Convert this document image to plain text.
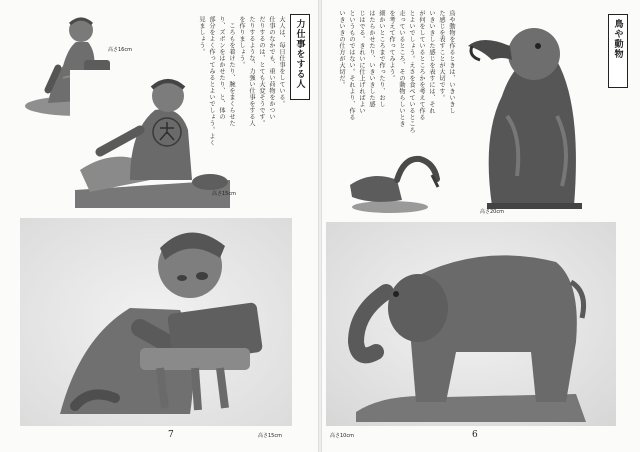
高さ16cm
高さ15cm
力仕事をする人

大人は、毎日仕事をしている。

仕事のなかでも、重い荷物をかつい

だりするのは、とても大変そうです。

たりするような、力強い仕事をする人

を作りましょう。

　ころもを着けたり、腕をまくらせた

り、ズボンをはかせたり、と、体の

部分をよく作ってみるとよいでしょう。よく

見ましょう。

高さ15cm
7

鳥や動物を作るときは、いきいきし

た感じを表すことが大切です。

いきいきした感じを表すには、それ

が何をしているところかを考えて作る

とよいでしょう。えさを食べているところ

走っているところ、その動物らしいとき

を考えて作ってみよう。

細かいところまで作ったり、おし

はたらかせたり、いきいきした感

じはでる。きれいに仕上げればよい

というものではない。それより、作る

いきいきの仕方が大切だ。

高さ20cm
鳥や動物
高さ10cm	6
